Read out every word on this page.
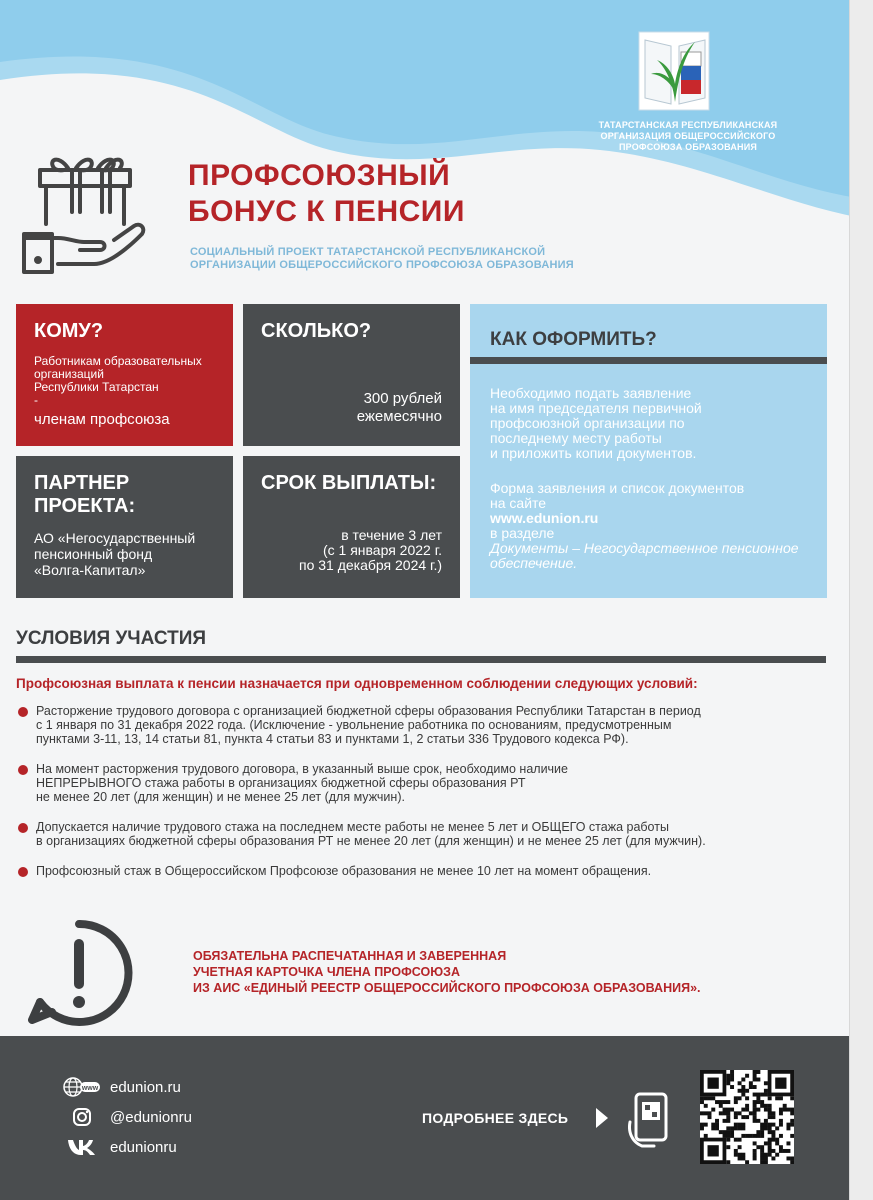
ТАТАРСТАНСКАЯ РЕСПУБЛИКАНСКАЯ ОРГАНИЗАЦИЯ ОБЩЕРОССИЙСКОГО ПРОФСОЮЗА ОБРАЗОВАНИЯ
ПРОФСОЮЗНЫЙ
БОНУС К ПЕНСИИ
СОЦИАЛЬНЫЙ ПРОЕКТ ТАТАРСТАНСКОЙ РЕСПУБЛИКАНСКОЙ
ОРГАНИЗАЦИИ ОБЩЕРОССИЙСКОГО ПРОФСОЮЗА ОБРАЗОВАНИЯ
КОМУ?
Работникам образовательных
организаций
Республики Татарстан
-
членам профсоюза
СКОЛЬКО?
300 рублей
ежемесячно
ПАРТНЕР
ПРОЕКТА:
АО «Негосударственный
пенсионный фонд
«Волга-Капитал»
СРОК ВЫПЛАТЫ:
в течение 3 лет
(с 1 января 2022 г.
по 31 декабря 2024 г.)
КАК ОФОРМИТЬ?
Необходимо подать заявление
на имя председателя первичной
профсоюзной организации по
последнему месту работы
и приложить копии документов.
Форма заявления и список документов
на сайте
www.edunion.ru
в разделе
Документы – Негосударственное пенсионное обеспечение.
УСЛОВИЯ УЧАСТИЯ
Профсоюзная выплата к пенсии назначается при одновременном соблюдении следующих условий:
Расторжение трудового договора с организацией бюджетной сферы образования Республики Татарстан в период
с 1 января по 31 декабря 2022 года. (Исключение - увольнение работника по основаниям, предусмотренным
пунктами 3-11, 13, 14 статьи 81, пункта 4 статьи 83 и пунктами 1, 2 статьи 336 Трудового кодекса РФ).
На момент расторжения трудового договора, в указанный выше срок, необходимо наличие
НЕПРЕРЫВНОГО стажа работы в организациях бюджетной сферы образования РТ
не менее 20 лет (для женщин) и не менее 25 лет (для мужчин).
Допускается наличие трудового стажа на последнем месте работы не менее 5 лет и ОБЩЕГО стажа работы
в организациях бюджетной сферы образования РТ не менее 20 лет (для женщин) и не менее 25 лет (для мужчин).
Профсоюзный стаж в Общероссийском Профсоюзе образования не менее 10 лет на момент обращения.
ОБЯЗАТЕЛЬНА РАСПЕЧАТАННАЯ И ЗАВЕРЕННАЯ
УЧЕТНАЯ КАРТОЧКА ЧЛЕНА ПРОФСОЮЗА
ИЗ АИС «ЕДИНЫЙ РЕЕСТР ОБЩЕРОССИЙСКОГО ПРОФСОЮЗА ОБРАЗОВАНИЯ».
www edunion.ru
@edunionru
edunionru
ПОДРОБНЕЕ ЗДЕСЬ
